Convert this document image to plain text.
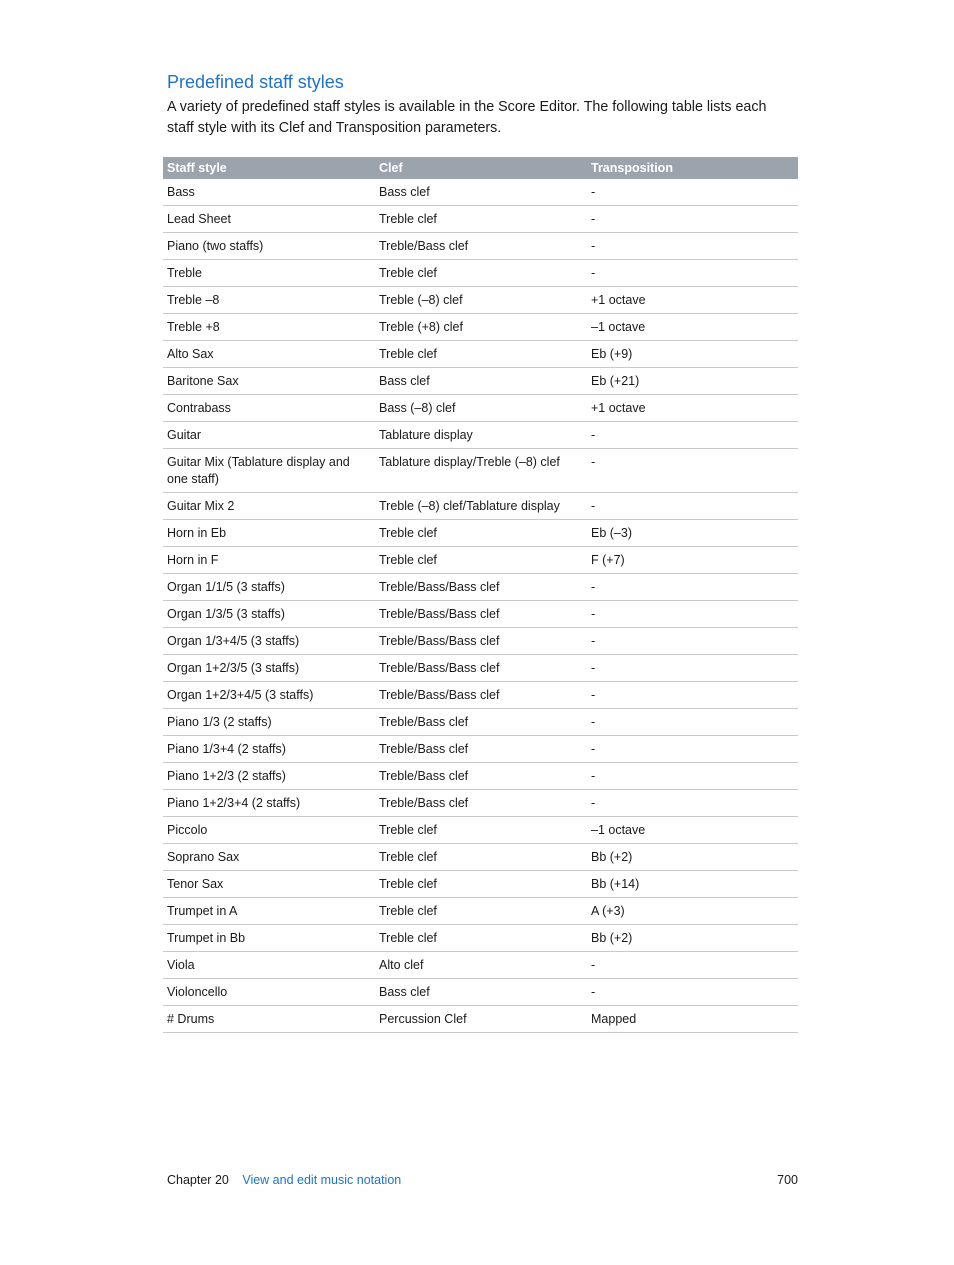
Predefined staff styles

A variety of predefined staff styles is available in the Score Editor. The following table lists each staff style with its Clef and Transposition parameters.

Staff style	Clef	Transposition
Bass	Bass clef	-
Lead Sheet	Treble clef	-
Piano (two staffs)	Treble/Bass clef	-
Treble	Treble clef	-
Treble –8	Treble (–8) clef	+1 octave
Treble +8	Treble (+8) clef	–1 octave
Alto Sax	Treble clef	Eb (+9)
Baritone Sax	Bass clef	Eb (+21)
Contrabass	Bass (–8) clef	+1 octave
Guitar	Tablature display	-
Guitar Mix (Tablature display and one staff)	Tablature display/Treble (–8) clef	-
Guitar Mix 2	Treble (–8) clef/Tablature display	-
Horn in Eb	Treble clef	Eb (–3)
Horn in F	Treble clef	F (+7)
Organ 1/1/5 (3 staffs)	Treble/Bass/Bass clef	-
Organ 1/3/5 (3 staffs)	Treble/Bass/Bass clef	-
Organ 1/3+4/5 (3 staffs)	Treble/Bass/Bass clef	-
Organ 1+2/3/5 (3 staffs)	Treble/Bass/Bass clef	-
Organ 1+2/3+4/5 (3 staffs)	Treble/Bass/Bass clef	-
Piano 1/3 (2 staffs)	Treble/Bass clef	-
Piano 1/3+4 (2 staffs)	Treble/Bass clef	-
Piano 1+2/3 (2 staffs)	Treble/Bass clef	-
Piano 1+2/3+4 (2 staffs)	Treble/Bass clef	-
Piccolo	Treble clef	–1 octave
Soprano Sax	Treble clef	Bb (+2)
Tenor Sax	Treble clef	Bb (+14)
Trumpet in A	Treble clef	A (+3)
Trumpet in Bb	Treble clef	Bb (+2)
Viola	Alto clef	-
Violoncello	Bass clef	-
# Drums	Percussion Clef	Mapped
Chapter 20 View and edit music notation	700
